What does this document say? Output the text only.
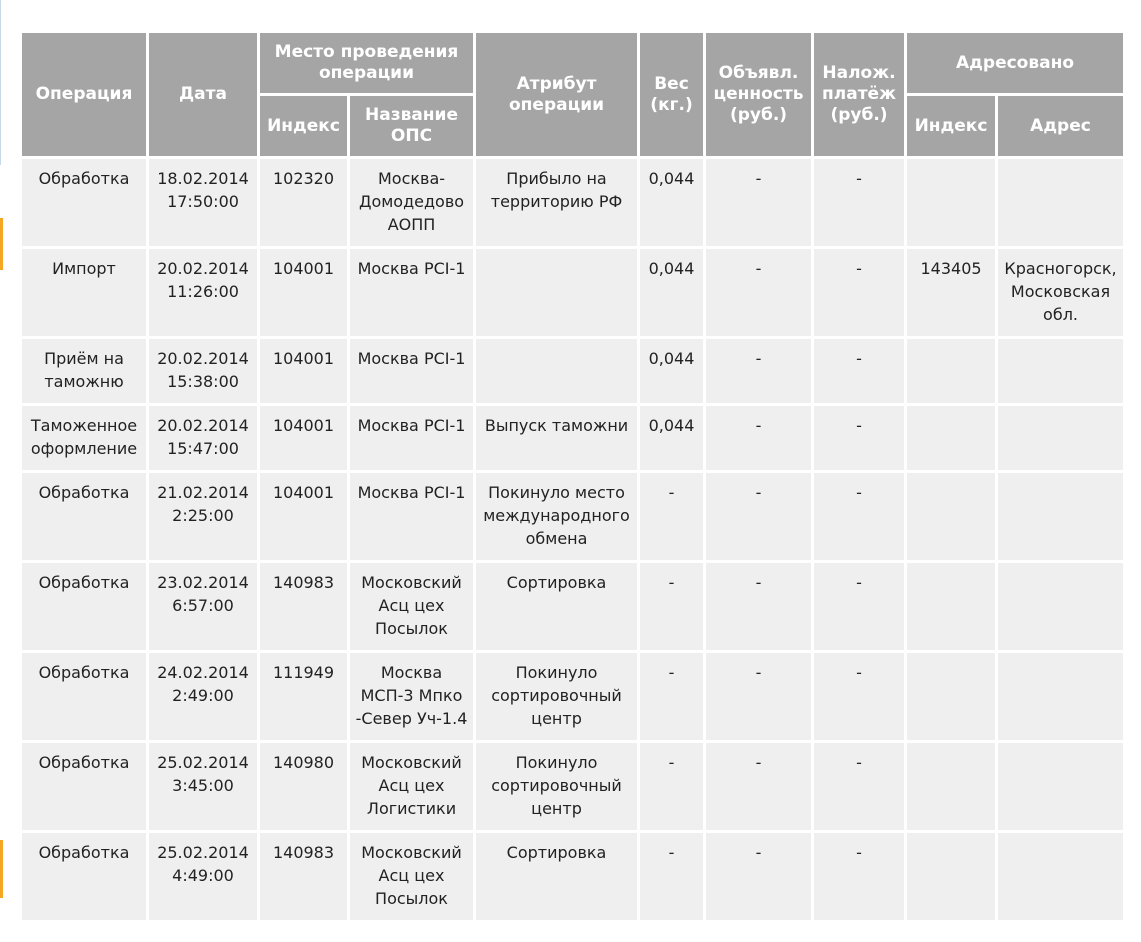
Операция	Дата	Место проведения операции		Атрибут операции	Вес (кг.)	Объявл. ценность (руб.)	Налож. платёж (руб.)	Адресовано	
		Индекс	Название ОПС					Индекс	Адрес
Обработка	18.02.2014 17:50:00	102320	Москва-Домодедово АОПП	Прибыло на территорию РФ	0,044	-	-		
Импорт	20.02.2014 11:26:00	104001	Москва PCI-1		0,044	-	-	143405	Красногорск, Московская обл.
Приём на таможню	20.02.2014 15:38:00	104001	Москва PCI-1		0,044	-	-		
Таможенное оформление	20.02.2014 15:47:00	104001	Москва PCI-1	Выпуск таможни	0,044	-	-		
Обработка	21.02.2014 2:25:00	104001	Москва PCI-1	Покинуло место международного обмена	-	-	-		
Обработка	23.02.2014 6:57:00	140983	Московский Асц цех Посылок	Сортировка	-	-	-		
Обработка	24.02.2014 2:49:00	111949	Москва МСП-3 Мпко -Север Уч-1.4	Покинуло сортировочный центр	-	-	-		
Обработка	25.02.2014 3:45:00	140980	Московский Асц цех Логистики	Покинуло сортировочный центр	-	-	-		
Обработка	25.02.2014 4:49:00	140983	Московский Асц цех Посылок	Сортировка	-	-	-		
